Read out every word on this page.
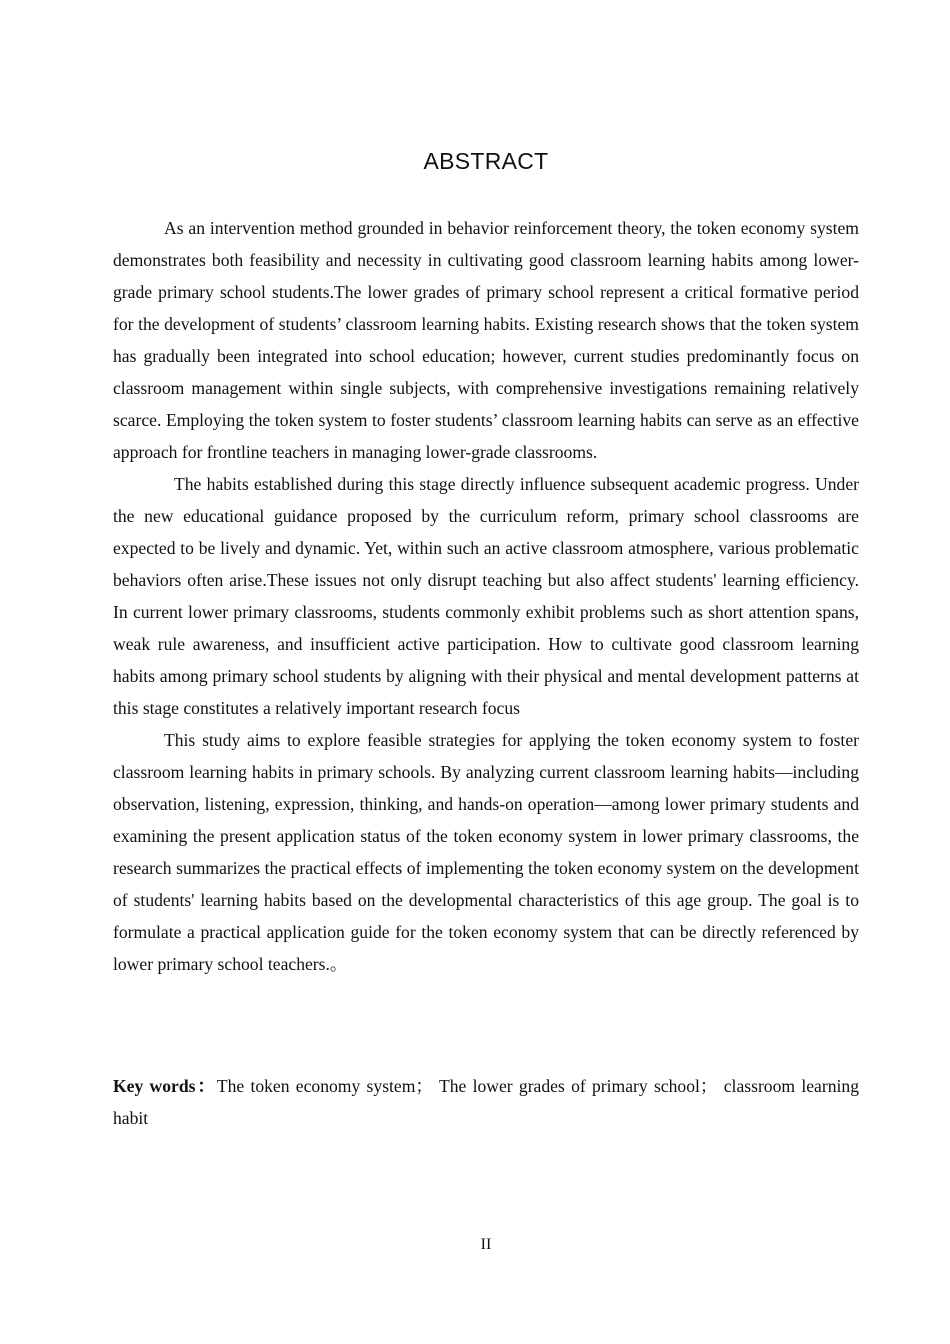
ABSTRACT

As an intervention method grounded in behavior reinforcement theory, the token economy system demonstrates both feasibility and necessity in cultivating good classroom learning habits among lower-grade primary school students.The lower grades of primary school represent a critical formative period for the development of students’ classroom learning habits. Existing research shows that the token system has gradually been integrated into school education; however, current studies predominantly focus on classroom management within single subjects, with comprehensive investigations remaining relatively scarce. Employing the token system to foster students’ classroom learning habits can serve as an effective approach for frontline teachers in managing lower-grade classrooms.

The habits established during this stage directly influence subsequent academic progress. Under the new educational guidance proposed by the curriculum reform, primary school classrooms are expected to be lively and dynamic. Yet, within such an active classroom atmosphere, various problematic behaviors often arise.These issues not only disrupt teaching but also affect students' learning efficiency. In current lower primary classrooms, students commonly exhibit problems such as short attention spans, weak rule awareness, and insufficient active participation. How to cultivate good classroom learning habits among primary school students by aligning with their physical and mental development patterns at this stage constitutes a relatively important research focus

This study aims to explore feasible strategies for applying the token economy system to foster classroom learning habits in primary schools. By analyzing current classroom learning habits—including observation, listening, expression, thinking, and hands-on operation—among lower primary students and examining the present application status of the token economy system in lower primary classrooms, the research summarizes the practical effects of implementing the token economy system on the development of students' learning habits based on the developmental characteristics of this age group. The goal is to formulate a practical application guide for the token economy system that can be directly referenced by lower primary school teachers.。

Key words：The token economy system； The lower grades of primary school； classroom learning habit

II
